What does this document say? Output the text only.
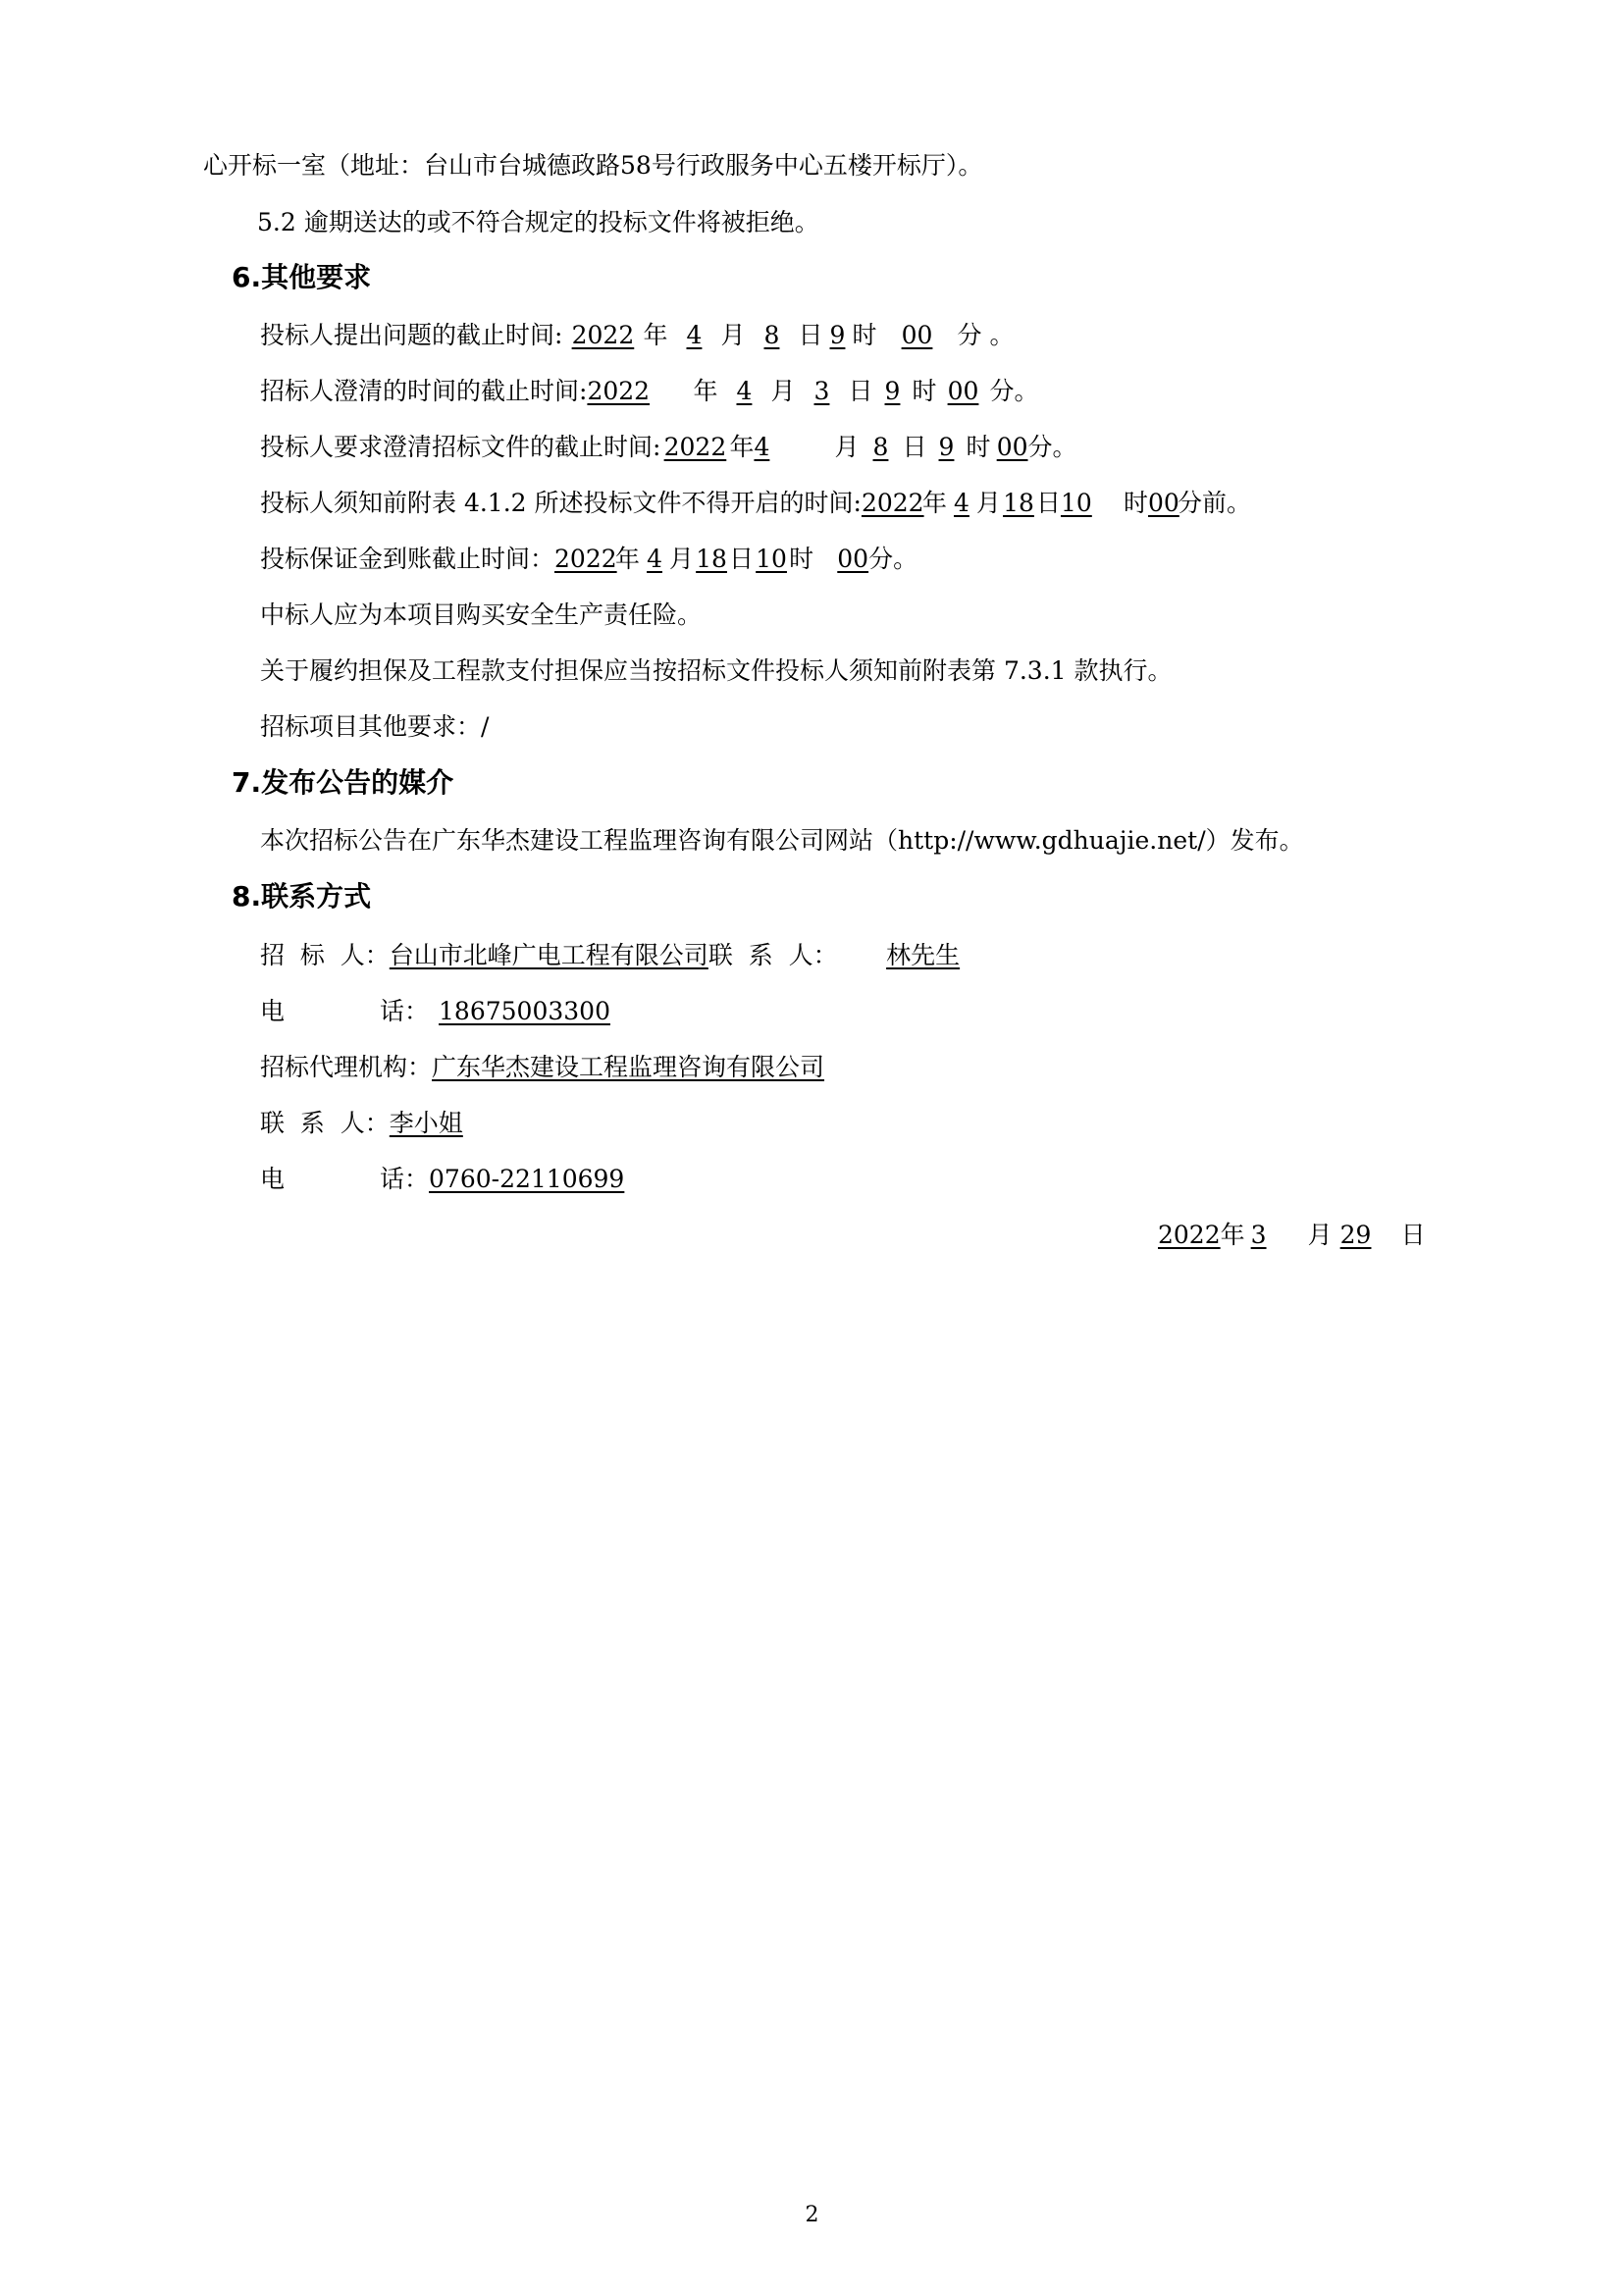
心开标一室（地址：台山市台城德政路58号行政服务中心五楼开标厅）。
5.2 逾期送达的或不符合规定的投标文件将被拒绝。
6.其他要求
投标人提出问题的截止时间: 2022 年 4 月 8 日 9 时 00 分 。
招标人澄清的时间的截止时间:2022 年 4 月 3 日 9 时 00 分。
投标人要求澄清招标文件的截止时间: 2022 年4	月 8 日 9 时 00分。
投标人须知前附表 4.1.2 所述投标文件不得开启的时间:2022年 4 月18日10 时00分前。
投标保证金到账截止时间：2022年 4 月18日10时 00分。
中标人应为本项目购买安全生产责任险。
关于履约担保及工程款支付担保应当按招标文件投标人须知前附表第 7.3.1 款执行。
招标项目其他要求：/
7.发布公告的媒介
本次招标公告在广东华杰建设工程监理咨询有限公司网站（http://www.gdhuajie.net/）发布。
8.联系方式
招  标  人：台山市北峰广电工程有限公司联  系  人： 林先生
电	话： 18675003300
招标代理机构：广东华杰建设工程监理咨询有限公司
联  系  人：李小姐
电	话：0760-22110699
2022年 3 月 29 日
2
